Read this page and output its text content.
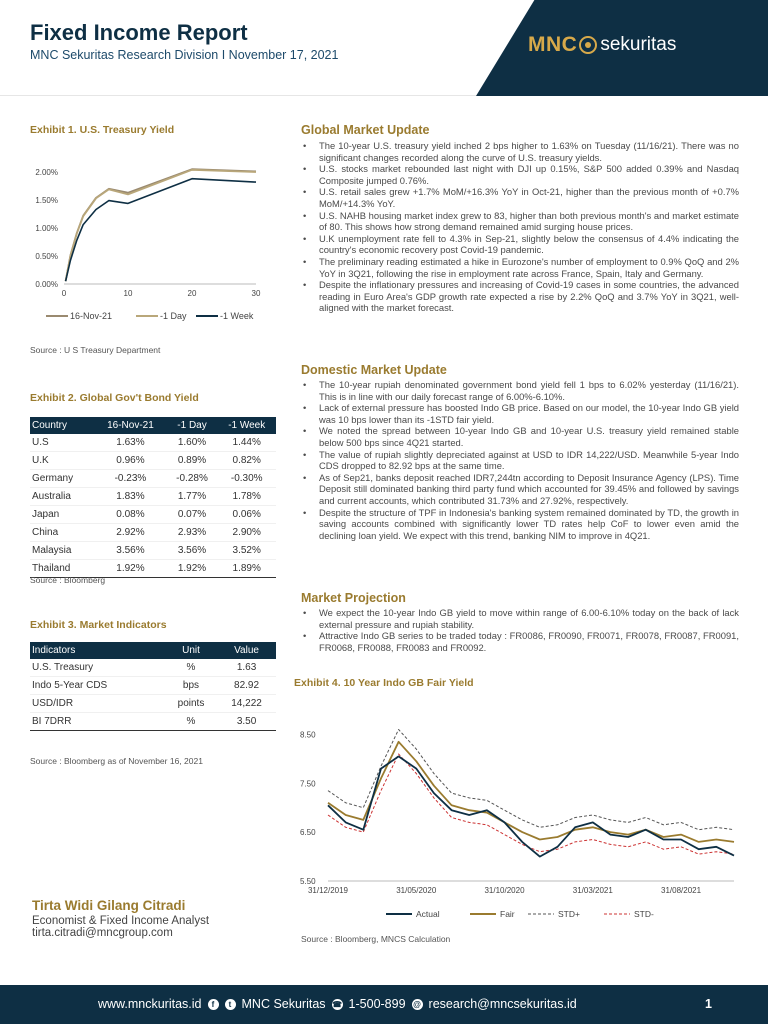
Fixed Income Report
MNC Sekuritas Research Division I November 17, 2021	MNC sekuritas
Exhibit 1. U.S. Treasury Yield
0.00%
0.50%
1.00%
1.50%
2.00%
0	10	20	30
16-Nov-21	-1 Day	-1 Week
Source : U S Treasury Department
Exhibit 2. Global Gov't Bond Yield
Country	16-Nov-21	-1 Day	-1 Week
U.S	1.63%	1.60%	1.44%
U.K	0.96%	0.89%	0.82%
Germany	-0.23%	-0.28%	-0.30%
Australia	1.83%	1.77%	1.78%
Japan	0.08%	0.07%	0.06%
China	2.92%	2.93%	2.90%
Malaysia	3.56%	3.56%	3.52%
Thailand	1.92%	1.92%	1.89%
Source : Bloomberg
Exhibit 3. Market Indicators
Indicators	Unit	Value
U.S. Treasury	%	1.63
Indo 5-Year CDS	bps	82.92
USD/IDR	points	14,222
BI 7DRR	%	3.50
Source : Bloomberg as of November 16, 2021
Tirta Widi Gilang Citradi
Economist & Fixed Income Analyst
tirta.citradi@mncgroup.com
Global Market Update
• The 10-year U.S. treasury yield inched 2 bps higher to 1.63% on Tuesday (11/16/21). There was no significant changes recorded along the curve of U.S. treasury yields.
• U.S. stocks market rebounded last night with DJI up 0.15%, S&P 500 added 0.39% and Nasdaq Composite jumped 0.76%.
• U.S. retail sales grew +1.7% MoM/+16.3% YoY in Oct-21, higher than the previous month of +0.7% MoM/+14.3% YoY.
• U.S. NAHB housing market index grew to 83, higher than both previous month's and market estimate of 80. This shows how strong demand remained amid surging house prices.
• U.K unemployment rate fell to 4.3% in Sep-21, slightly below the consensus of 4.4% indicating the country's economic recovery post Covid-19 pandemic.
• The preliminary reading estimated a hike in Eurozone's number of employment to 0.9% QoQ and 2% YoY in 3Q21, following the rise in employment rate across France, Spain, Italy and Germany.
• Despite the inflationary pressures and increasing of Covid-19 cases in some countries, the advanced reading in Euro Area's GDP growth rate expected a rise by 2.2% QoQ and 3.7% YoY in 3Q21, well-aligned with the market forecast.
Domestic Market Update
• The 10-year rupiah denominated government bond yield fell 1 bps to 6.02% yesterday (11/16/21). This is in line with our daily forecast range of 6.00%-6.10%.
• Lack of external pressure has boosted Indo GB price. Based on our model, the 10-year Indo GB yield was 10 bps lower than its -1STD fair yield.
• We noted the spread between 10-year Indo GB and 10-year U.S. treasury yield remained stable below 500 bps since 4Q21 started.
• The value of rupiah slightly depreciated against at USD to IDR 14,222/USD. Meanwhile 5-year Indo CDS dropped to 82.92 bps at the same time.
• As of Sep21, banks deposit reached IDR7,244tn according to Deposit Insurance Agency (LPS). Time Deposit still dominated banking third party fund which accounted for 39.45% and followed by savings and current accounts, which contributed 31.73% and 27.92%, respectively.
• Despite the structure of TPF in Indonesia's banking system remained dominated by TD, the growth in saving accounts combined with significantly lower TD rates help CoF to lower even amid the declining loan yield. We expect with this trend, banking NIM to improve in 4Q21.
Market Projection
• We expect the 10-year Indo GB yield to move within range of 6.00-6.10% today on the back of lack external pressure and rupiah stability.
• Attractive Indo GB series to be traded today : FR0086, FR0090, FR0071, FR0078, FR0087, FR0091, FR0068, FR0088, FR0083 and FR0092.
Exhibit 4. 10 Year Indo GB Fair Yield
5.50
6.50
7.50
8.50
31/12/2019	31/05/2020	31/10/2020	31/03/2021	31/08/2021
Actual	Fair	STD+	STD-
Source : Bloomberg, MNCS Calculation
www.mnckuritas.id	f	t MNC Sekuritas ☎ 1-500-899 @ research@mncsekuritas.id	1
